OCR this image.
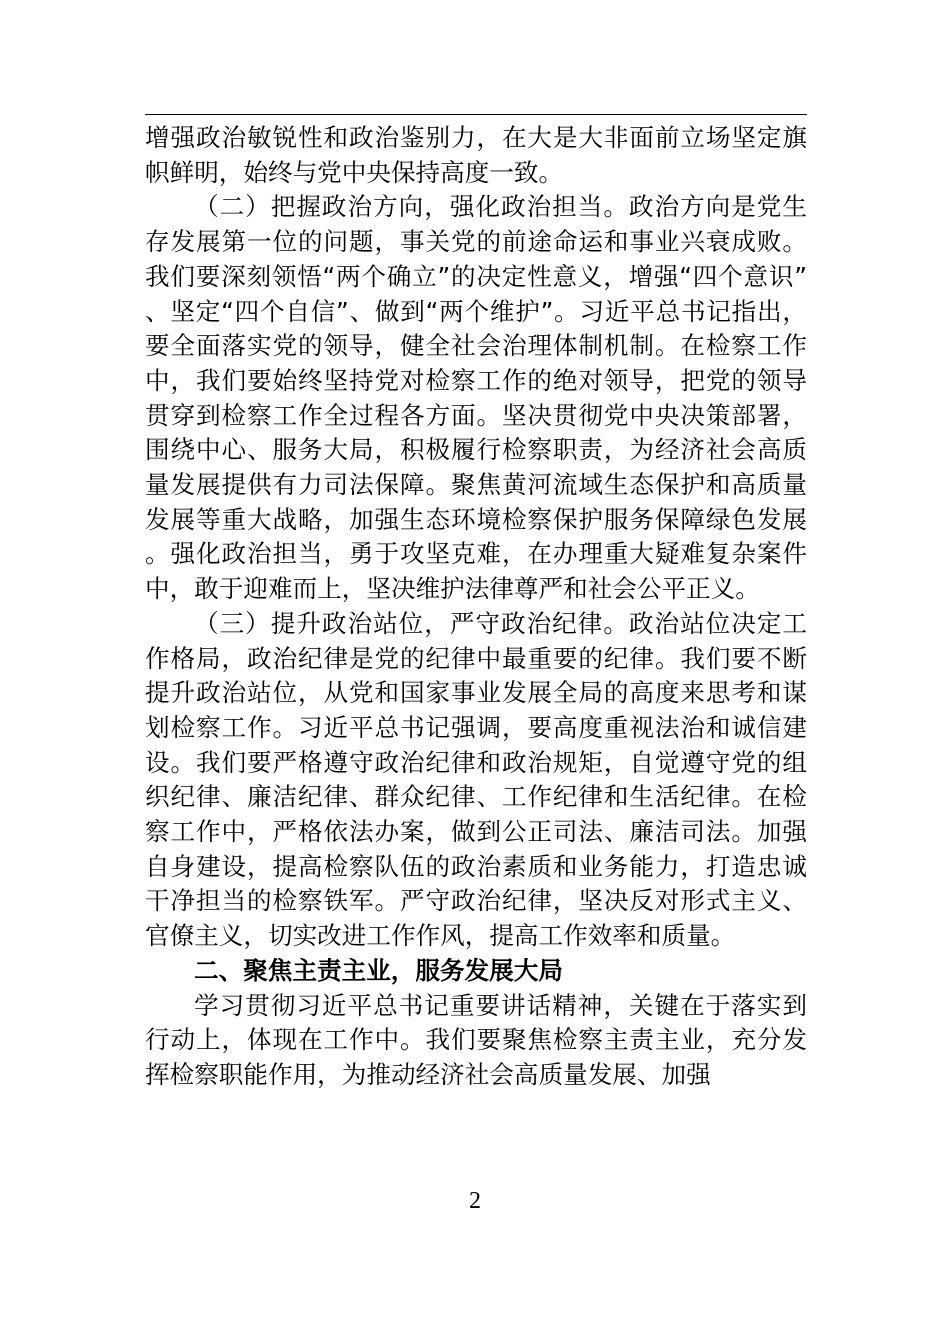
增强政治敏锐性和政治鉴别力，在大是大非面前立场坚定旗帜鲜明，始终与党中央保持高度一致。

（二）把握政治方向，强化政治担当。政治方向是党生存发展第一位的问题，事关党的前途命运和事业兴衰成败。我们要深刻领悟“两个确立”的决定性意义，增强“四个意识”、坚定“四个自信”、做到“两个维护”。习近平总书记指出，要全面落实党的领导，健全社会治理体制机制。在检察工作中，我们要始终坚持党对检察工作的绝对领导，把党的领导贯穿到检察工作全过程各方面。坚决贯彻党中央决策部署，围绕中心、服务大局，积极履行检察职责，为经济社会高质量发展提供有力司法保障。聚焦黄河流域生态保护和高质量发展等重大战略，加强生态环境检察保护服务保障绿色发展。强化政治担当，勇于攻坚克难，在办理重大疑难复杂案件中，敢于迎难而上，坚决维护法律尊严和社会公平正义。

（三）提升政治站位，严守政治纪律。政治站位决定工作格局，政治纪律是党的纪律中最重要的纪律。我们要不断提升政治站位，从党和国家事业发展全局的高度来思考和谋划检察工作。习近平总书记强调，要高度重视法治和诚信建设。我们要严格遵守政治纪律和政治规矩，自觉遵守党的组织纪律、廉洁纪律、群众纪律、工作纪律和生活纪律。在检察工作中，严格依法办案，做到公正司法、廉洁司法。加强自身建设，提高检察队伍的政治素质和业务能力，打造忠诚干净担当的检察铁军。严守政治纪律，坚决反对形式主义、官僚主义，切实改进工作作风，提高工作效率和质量。

二、聚焦主责主业，服务发展大局

学习贯彻习近平总书记重要讲话精神，关键在于落实到行动上，体现在工作中。我们要聚焦检察主责主业，充分发挥检察职能作用，为推动经济社会高质量发展、加强

2
